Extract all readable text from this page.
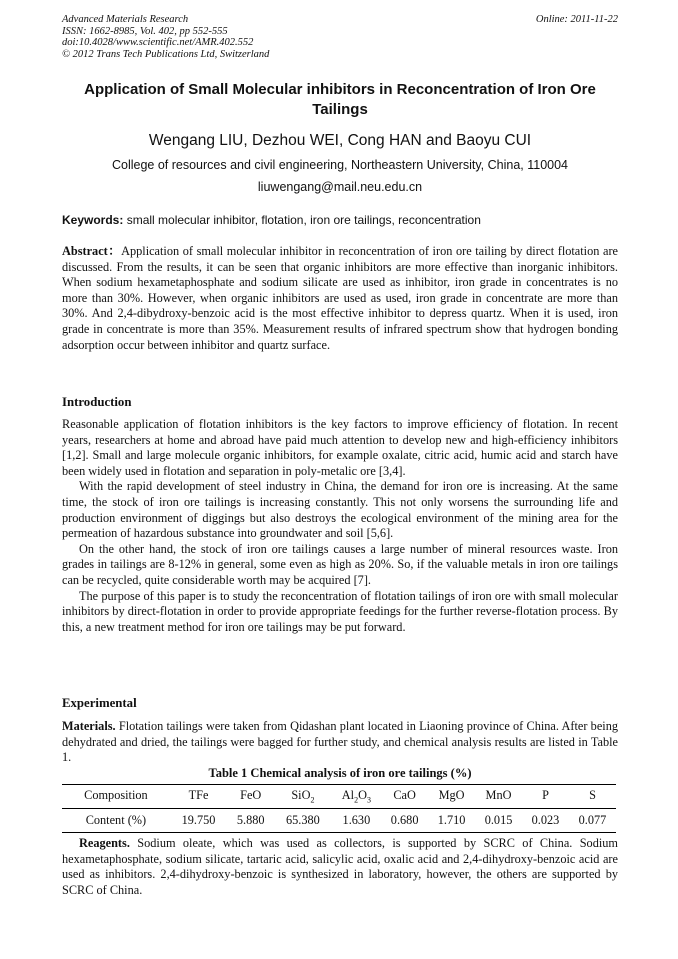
Advanced Materials Research
ISSN: 1662-8985, Vol. 402, pp 552-555
doi:10.4028/www.scientific.net/AMR.402.552
© 2012 Trans Tech Publications Ltd, Switzerland
Online: 2011-11-22
Application of Small Molecular inhibitors in Reconcentration of Iron Ore Tailings
Wengang LIU, Dezhou WEI, Cong HAN and Baoyu CUI
College of resources and civil engineering, Northeastern University, China, 110004
liuwengang@mail.neu.edu.cn
Keywords: small molecular inhibitor, flotation, iron ore tailings, reconcentration
Abstract：Application of small molecular inhibitor in reconcentration of iron ore tailing by direct flotation are discussed. From the results, it can be seen that organic inhibitors are more effective than inorganic inhibitors. When sodium hexametaphosphate and sodium silicate are used as inhibitor, iron grade in concentrates is no more than 30%. However, when organic inhibitors are used as used, iron grade in concentrate are more than 30%. And 2,4-dibydroxy-benzoic acid is the most effective inhibitor to depress quartz. When it is used, iron grade in concentrate is more than 35%. Measurement results of infrared spectrum show that hydrogen bonding adsorption occur between inhibitor and quartz surface.
Introduction

Reasonable application of flotation inhibitors is the key factors to improve efficiency of flotation. In recent years, researchers at home and abroad have paid much attention to develop new and high-efficiency inhibitors [1,2]. Small and large molecule organic inhibitors, for example oxalate, citric acid, humic acid and starch have been widely used in flotation and separation in poly-metalic ore [3,4].

With the rapid development of steel industry in China, the demand for iron ore is increasing. At the same time, the stock of iron ore tailings is increasing constantly. This not only worsens the surrounding life and production environment of diggings but also destroys the ecological environment of the mining area for the permeation of hazardous substance into groundwater and soil [5,6].

On the other hand, the stock of iron ore tailings causes a large number of mineral resources waste. Iron grades in tailings are 8-12% in general, some even as high as 20%. So, if the valuable metals in iron ore tailings can be recycled, quite considerable worth may be acquired [7].

The purpose of this paper is to study the reconcentration of flotation tailings of iron ore with small molecular inhibitors by direct-flotation in order to provide appropriate feedings for the further reverse-flotation process. By this, a new treatment method for iron ore tailings may be put forward.

Experimental
Materials. Flotation tailings were taken from Qidashan plant located in Liaoning province of China. After being dehydrated and dried, the tailings were bagged for further study, and chemical analysis results are listed in Table 1.
Table 1 Chemical analysis of iron ore tailings (%)
Composition	TFe	FeO	SiO$_2$	$Al_2O_3$	CaO	MgO	MnO	P	S
Content (%)	19.750	5.880	65.380	1.630	0.680	1.710	0.015	0.023	0.077
Reagents. Sodium oleate, which was used as collectors, is supported by SCRC of China. Sodium hexametaphosphate, sodium silicate, tartaric acid, salicylic acid, oxalic acid and 2,4-dihydroxy-benzoic acid are used as inhibitors. 2,4-dihydroxy-benzoic is synthesized in laboratory, however, the others are supported by SCRC of China.
